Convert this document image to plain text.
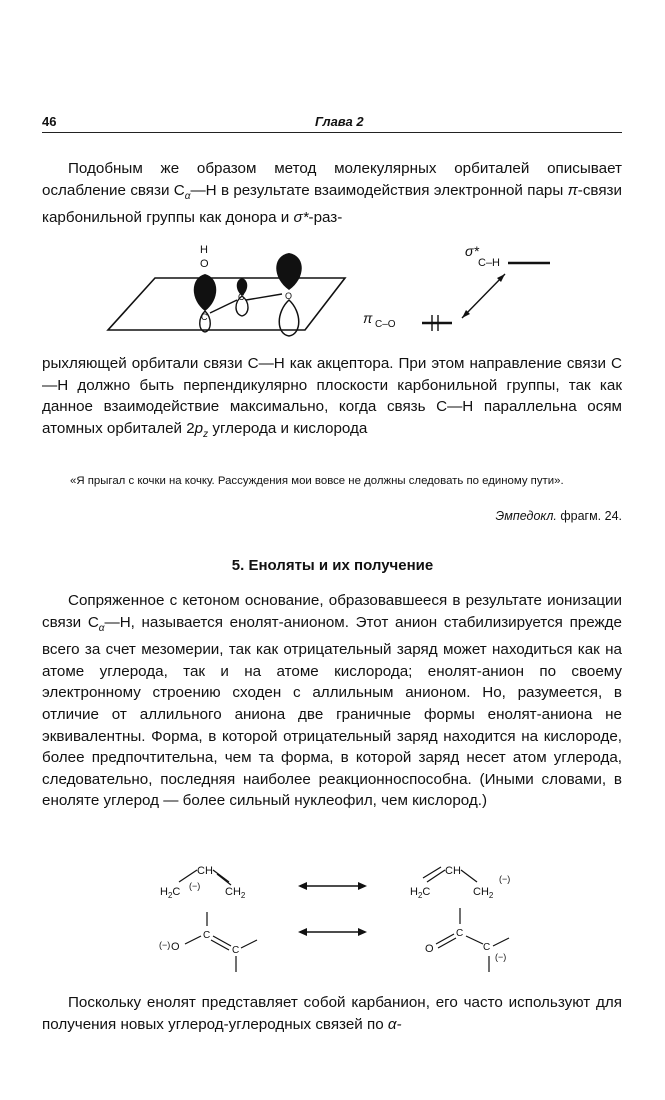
46	Глава 2

Подобным же образом метод молекулярных орбиталей описывает ослабление связи $С_\alpha—Н$ в результате взаимодействия электронной пары π-связи карбонильной группы как донора и σ*-раз-

H
O
C
C	O
σ*
C–H
π C–O

рыхляющей орбитали связи С—Н как акцептора. При этом направление связи С—Н должно быть перпендикулярно плоскости карбонильной группы, так как данное взаимодействие максимально, когда связь С—Н параллельна осям атомных орбиталей $2p_z$ углерода и кислорода

«Я прыгал с кочки на кочку. Рассуждения мои вовсе не должны следовать по единому пути».

Эмпедокл. фрагм. 24.
5. Еноляты и их получение

Сопряженное с кетоном основание, образовавшееся в результате ионизации связи $С_\alpha—Н$, называется енолят-анионом. Этот анион стабилизируется прежде всего за счет мезомерии, так как отрицательный заряд может находиться как на атоме углерода, так и на атоме кислорода; енолят-анион по своему электронному строению сходен с аллильным анионом. Но, разумеется, в отличие от аллильного аниона две граничные формы енолят-аниона не эквивалентны. Форма, в которой отрицательный заряд находится на кислороде, более предпочтительна, чем та форма, в которой заряд несет атом углерода, следовательно, последняя наиболее реакционноспособна. (Иными словами, в еноляте углерод — более сильный нуклеофил, чем кислород.)

CH
$H_2C$ (−) $CH_2$
CH
$H_2C$	$CH_2$
(−)
C
O
(−)	C
C
O	C
(−)

Поскольку енолят представляет собой карбанион, его часто используют для получения новых углерод-углеродных связей по α-
